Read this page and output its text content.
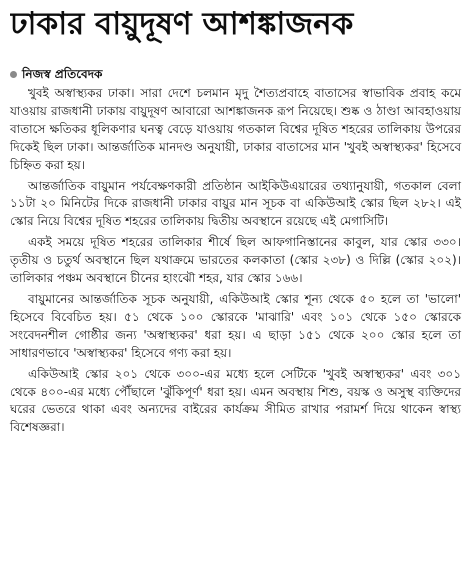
ঢাকার বায়ুদূষণ আশঙ্কাজনক
নিজস্ব প্রতিবেদক

খুবই অস্বাস্থ্যকর ঢাকা। সারা দেশে চলমান মৃদু শৈত্যপ্রবাহে বাতাসের স্বাভাবিক প্রবাহ কমে যাওয়ায় রাজধানী ঢাকায় বায়ুদূষণ আবারো আশঙ্কাজনক রূপ নিয়েছে। শুষ্ক ও ঠাণ্ডা আবহাওয়ায় বাতাসে ক্ষতিকর ধূলিকণার ঘনত্ব বেড়ে যাওয়ায় গতকাল বিশ্বের দূষিত শহরের তালিকায় উপরের দিকেই ছিল ঢাকা। আন্তর্জাতিক মানদণ্ড অনুযায়ী, ঢাকার বাতাসের মান 'খুবই অস্বাস্থ্যকর' হিসেবে চিহ্নিত করা হয়।

আন্তর্জাতিক বায়ুমান পর্যবেক্ষণকারী প্রতিষ্ঠান আইকিউএয়ারের তথ্যানুযায়ী, গতকাল বেলা ১১টা ২০ মিনিটের দিকে রাজধানী ঢাকার বায়ুর মান সূচক বা একিউআই স্কোর ছিল ২৮২। এই স্কোর নিয়ে বিশ্বের দূষিত শহরের তালিকায় দ্বিতীয় অবস্থানে রয়েছে এই মেগাসিটি।

একই সময়ে দূষিত শহরের তালিকার শীর্ষে ছিল আফগানিস্তানের কাবুল, যার স্কোর ৩৩০। তৃতীয় ও চতুর্থ অবস্থানে ছিল যথাক্রমে ভারতের কলকাতা (স্কোর ২৩৮) ও দিল্লি (স্কোর ২০২)। তালিকার পঞ্চম অবস্থানে চীনের হাংঝৌ শহর, যার স্কোর ১৬৬।

বায়ুমানের আন্তর্জাতিক সূচক অনুযায়ী, একিউআই স্কোর শূন্য থেকে ৫০ হলে তা 'ভালো' হিসেবে বিবেচিত হয়। ৫১ থেকে ১০০ স্কোরকে 'মাঝারি' এবং ১০১ থেকে ১৫০ স্কোরকে সংবেদনশীল গোষ্ঠীর জন্য 'অস্বাস্থ্যকর' ধরা হয়। এ ছাড়া ১৫১ থেকে ২০০ স্কোর হলে তা সাধারণভাবে 'অস্বাস্থ্যকর' হিসেবে গণ্য করা হয়।

একিউআই স্কোর ২০১ থেকে ৩০০-এর মধ্যে হলে সেটিকে 'খুবই অস্বাস্থ্যকর' এবং ৩০১ থেকে ৪০০-এর মধ্যে পৌঁছালে 'ঝুঁকিপূর্ণ' ধরা হয়। এমন অবস্থায় শিশু, বয়স্ক ও অসুস্থ ব্যক্তিদের ঘরের ভেতরে থাকা এবং অন্যদের বাইরের কার্যক্রম সীমিত রাখার পরামর্শ দিয়ে থাকেন স্বাস্থ্য বিশেষজ্ঞরা।
